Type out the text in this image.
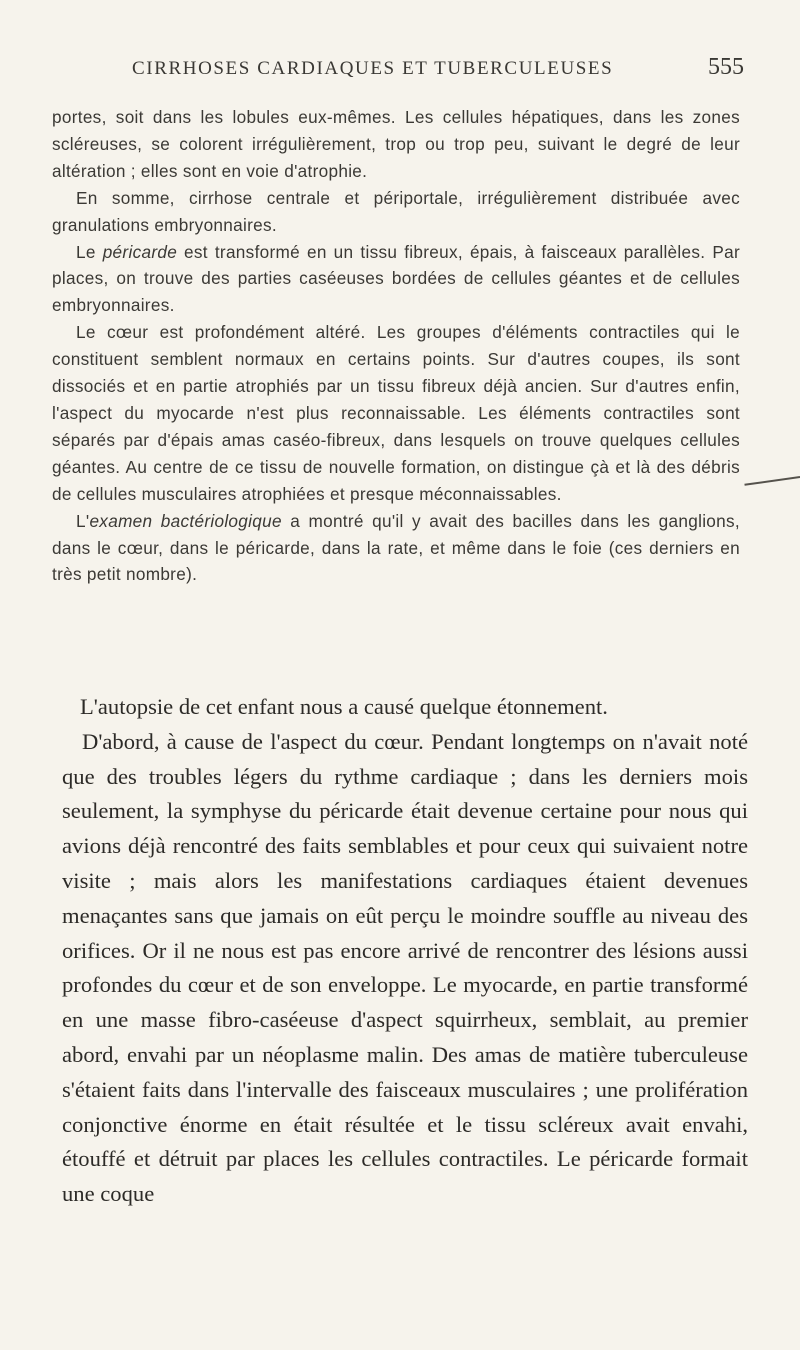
CIRRHOSES CARDIAQUES ET TUBERCULEUSES	555

portes, soit dans les lobules eux-mêmes. Les cellules hépatiques, dans les zones scléreuses, se colorent irrégulièrement, trop ou trop peu, suivant le degré de leur altération ; elles sont en voie d'atrophie.

En somme, cirrhose centrale et périportale, irrégulièrement distribuée avec granulations embryonnaires.

Le péricarde est transformé en un tissu fibreux, épais, à faisceaux parallèles. Par places, on trouve des parties caséeuses bordées de cellules géantes et de cellules embryonnaires.

Le cœur est profondément altéré. Les groupes d'éléments contractiles qui le constituent semblent normaux en certains points. Sur d'autres coupes, ils sont dissociés et en partie atrophiés par un tissu fibreux déjà ancien. Sur d'autres enfin, l'aspect du myocarde n'est plus reconnaissable. Les éléments contractiles sont séparés par d'épais amas caséo-fibreux, dans lesquels on trouve quelques cellules géantes. Au centre de ce tissu de nouvelle formation, on distingue çà et là des débris de cellules musculaires atrophiées et presque méconnaissables.

L'examen bactériologique a montré qu'il y avait des bacilles dans les ganglions, dans le cœur, dans le péricarde, dans la rate, et même dans le foie (ces derniers en très petit nombre).

L'autopsie de cet enfant nous a causé quelque étonnement.

D'abord, à cause de l'aspect du cœur. Pendant longtemps on n'avait noté que des troubles légers du rythme cardiaque ; dans les derniers mois seulement, la symphyse du péricarde était devenue certaine pour nous qui avions déjà rencontré des faits semblables et pour ceux qui suivaient notre visite ; mais alors les manifestations cardiaques étaient devenues menaçantes sans que jamais on eût perçu le moindre souffle au niveau des orifices. Or il ne nous est pas encore arrivé de rencontrer des lésions aussi profondes du cœur et de son enveloppe. Le myocarde, en partie transformé en une masse fibro-caséeuse d'aspect squirrheux, semblait, au premier abord, envahi par un néoplasme malin. Des amas de matière tuberculeuse s'étaient faits dans l'intervalle des faisceaux musculaires ; une prolifération conjonctive énorme en était résultée et le tissu scléreux avait envahi, étouffé et détruit par places les cellules contractiles. Le péricarde formait une coque
